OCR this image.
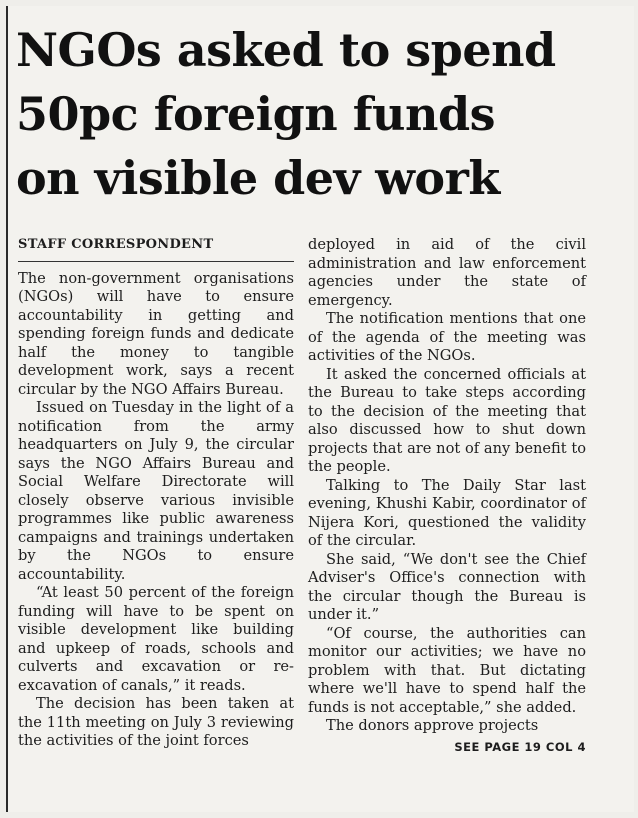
NGOs asked to spend
50pc foreign funds
on visible dev work
STAFF CORRESPONDENT

The non-government organisations (NGOs) will have to ensure accountability in getting and spending foreign funds and dedicate half the money to tangible development work, says a recent circular by the NGO Affairs Bureau.

Issued on Tuesday in the light of a notification from the army headquarters on July 9, the circular says the NGO Affairs Bureau and Social Welfare Directorate will closely observe various invisible programmes like public awareness campaigns and trainings undertaken by the NGOs to ensure accountability.

“At least 50 percent of the foreign funding will have to be spent on visible development like building and upkeep of roads, schools and culverts and excavation or re-excavation of canals,” it reads.

The decision has been taken at the 11th meeting on July 3 reviewing the activities of the joint forces

deployed in aid of the civil administration and law enforcement agencies under the state of emergency.

The notification mentions that one of the agenda of the meeting was activities of the NGOs.

It asked the concerned officials at the Bureau to take steps according to the decision of the meeting that also discussed how to shut down projects that are not of any benefit to the people.

Talking to The Daily Star last evening, Khushi Kabir, coordinator of Nijera Kori, questioned the validity of the circular.

She said, “We don't see the Chief Adviser's Office's connection with the circular though the Bureau is under it.”

“Of course, the authorities can monitor our activities; we have no problem with that. But dictating where we'll have to spend half the funds is not acceptable,” she added.

The donors approve projects

SEE PAGE 19 COL 4
